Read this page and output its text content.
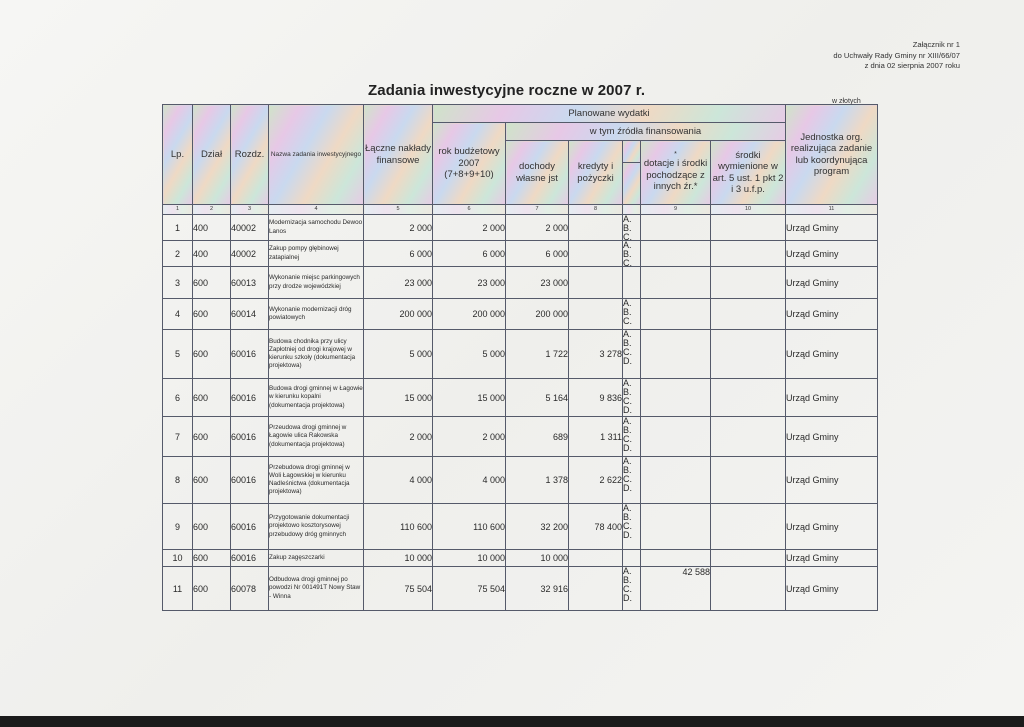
Załącznik nr 1
do Uchwały Rady Gminy nr XIII/66/07
z dnia 02 sierpnia 2007 roku
Zadania inwestycyjne roczne w 2007 r.
w złotych
Lp.	Dział	Rozdz.	Nazwa zadania inwestycyjnego	Łączne nakłady finansowe	Planowane wydatki						Jednostka org. realizująca zadanie lub koordynująca program
					rok budżetowy 2007 (7+8+9+10)	w tym źródła finansowania					
						dochody własne jst	kredyty i pożyczki		*
dotacje i środki pochodzące z innych źr.*	środki wymienione w art. 5 ust. 1 pkt 2 i 3 u.f.p.	

1	2	3	4	5	6	7	8		9	10	11
1	400	40002	Modernizacja samochodu Dewoo Lanos	2 000	2 000	2 000		A.
B.
C.			Urząd Gminy
2	400	40002	Zakup pompy głębinowej zatapialnej	6 000	6 000	6 000		A.
B.
C.			Urząd Gminy
3	600	60013	Wykonanie miejsc parkingowych przy drodze wojewódzkiej	23 000	23 000	23 000					Urząd Gminy
4	600	60014	Wykonanie modernizacji dróg powiatowych	200 000	200 000	200 000		A.
B.
C.			Urząd Gminy
5	600	60016	Budowa chodnika przy ulicy Zapłotniej od drogi krajowej w kierunku szkoły (dokumentacja projektowa)	5 000	5 000	1 722	3 278	A.
B.
C.
D.			Urząd Gminy
6	600	60016	Budowa drogi gminnej w Łagowie w kierunku kopalni (dokumentacja projektowa)	15 000	15 000	5 164	9 836	A.
B.
C.
D.			Urząd Gminy
7	600	60016	Przeudowa drogi gminnej w Łagowie ulica Rakowska (dokumentacja projektowa)	2 000	2 000	689	1 311	A.
B.
C.
D.			Urząd Gminy
8	600	60016	Przebudowa drogi gminnej w Woli Łagowskiej w kierunku Nadleśnictwa (dokumentacja projektowa)	4 000	4 000	1 378	2 622	A.
B.
C.
D.			Urząd Gminy
9	600	60016	Przygotowanie dokumentacji projektowo kosztorysowej przebudowy dróg gminnych	110 600	110 600	32 200	78 400	A.
B.
C.
D.			Urząd Gminy
10	600	60016	Zakup zagęszczarki	10 000	10 000	10 000					Urząd Gminy
11	600	60078	Odbudowa drogi gminnej po powodzi Nr 001491T Nowy Staw - Winna	75 504	75 504	32 916		A.
B.
C.
D.	42 588		Urząd Gminy
